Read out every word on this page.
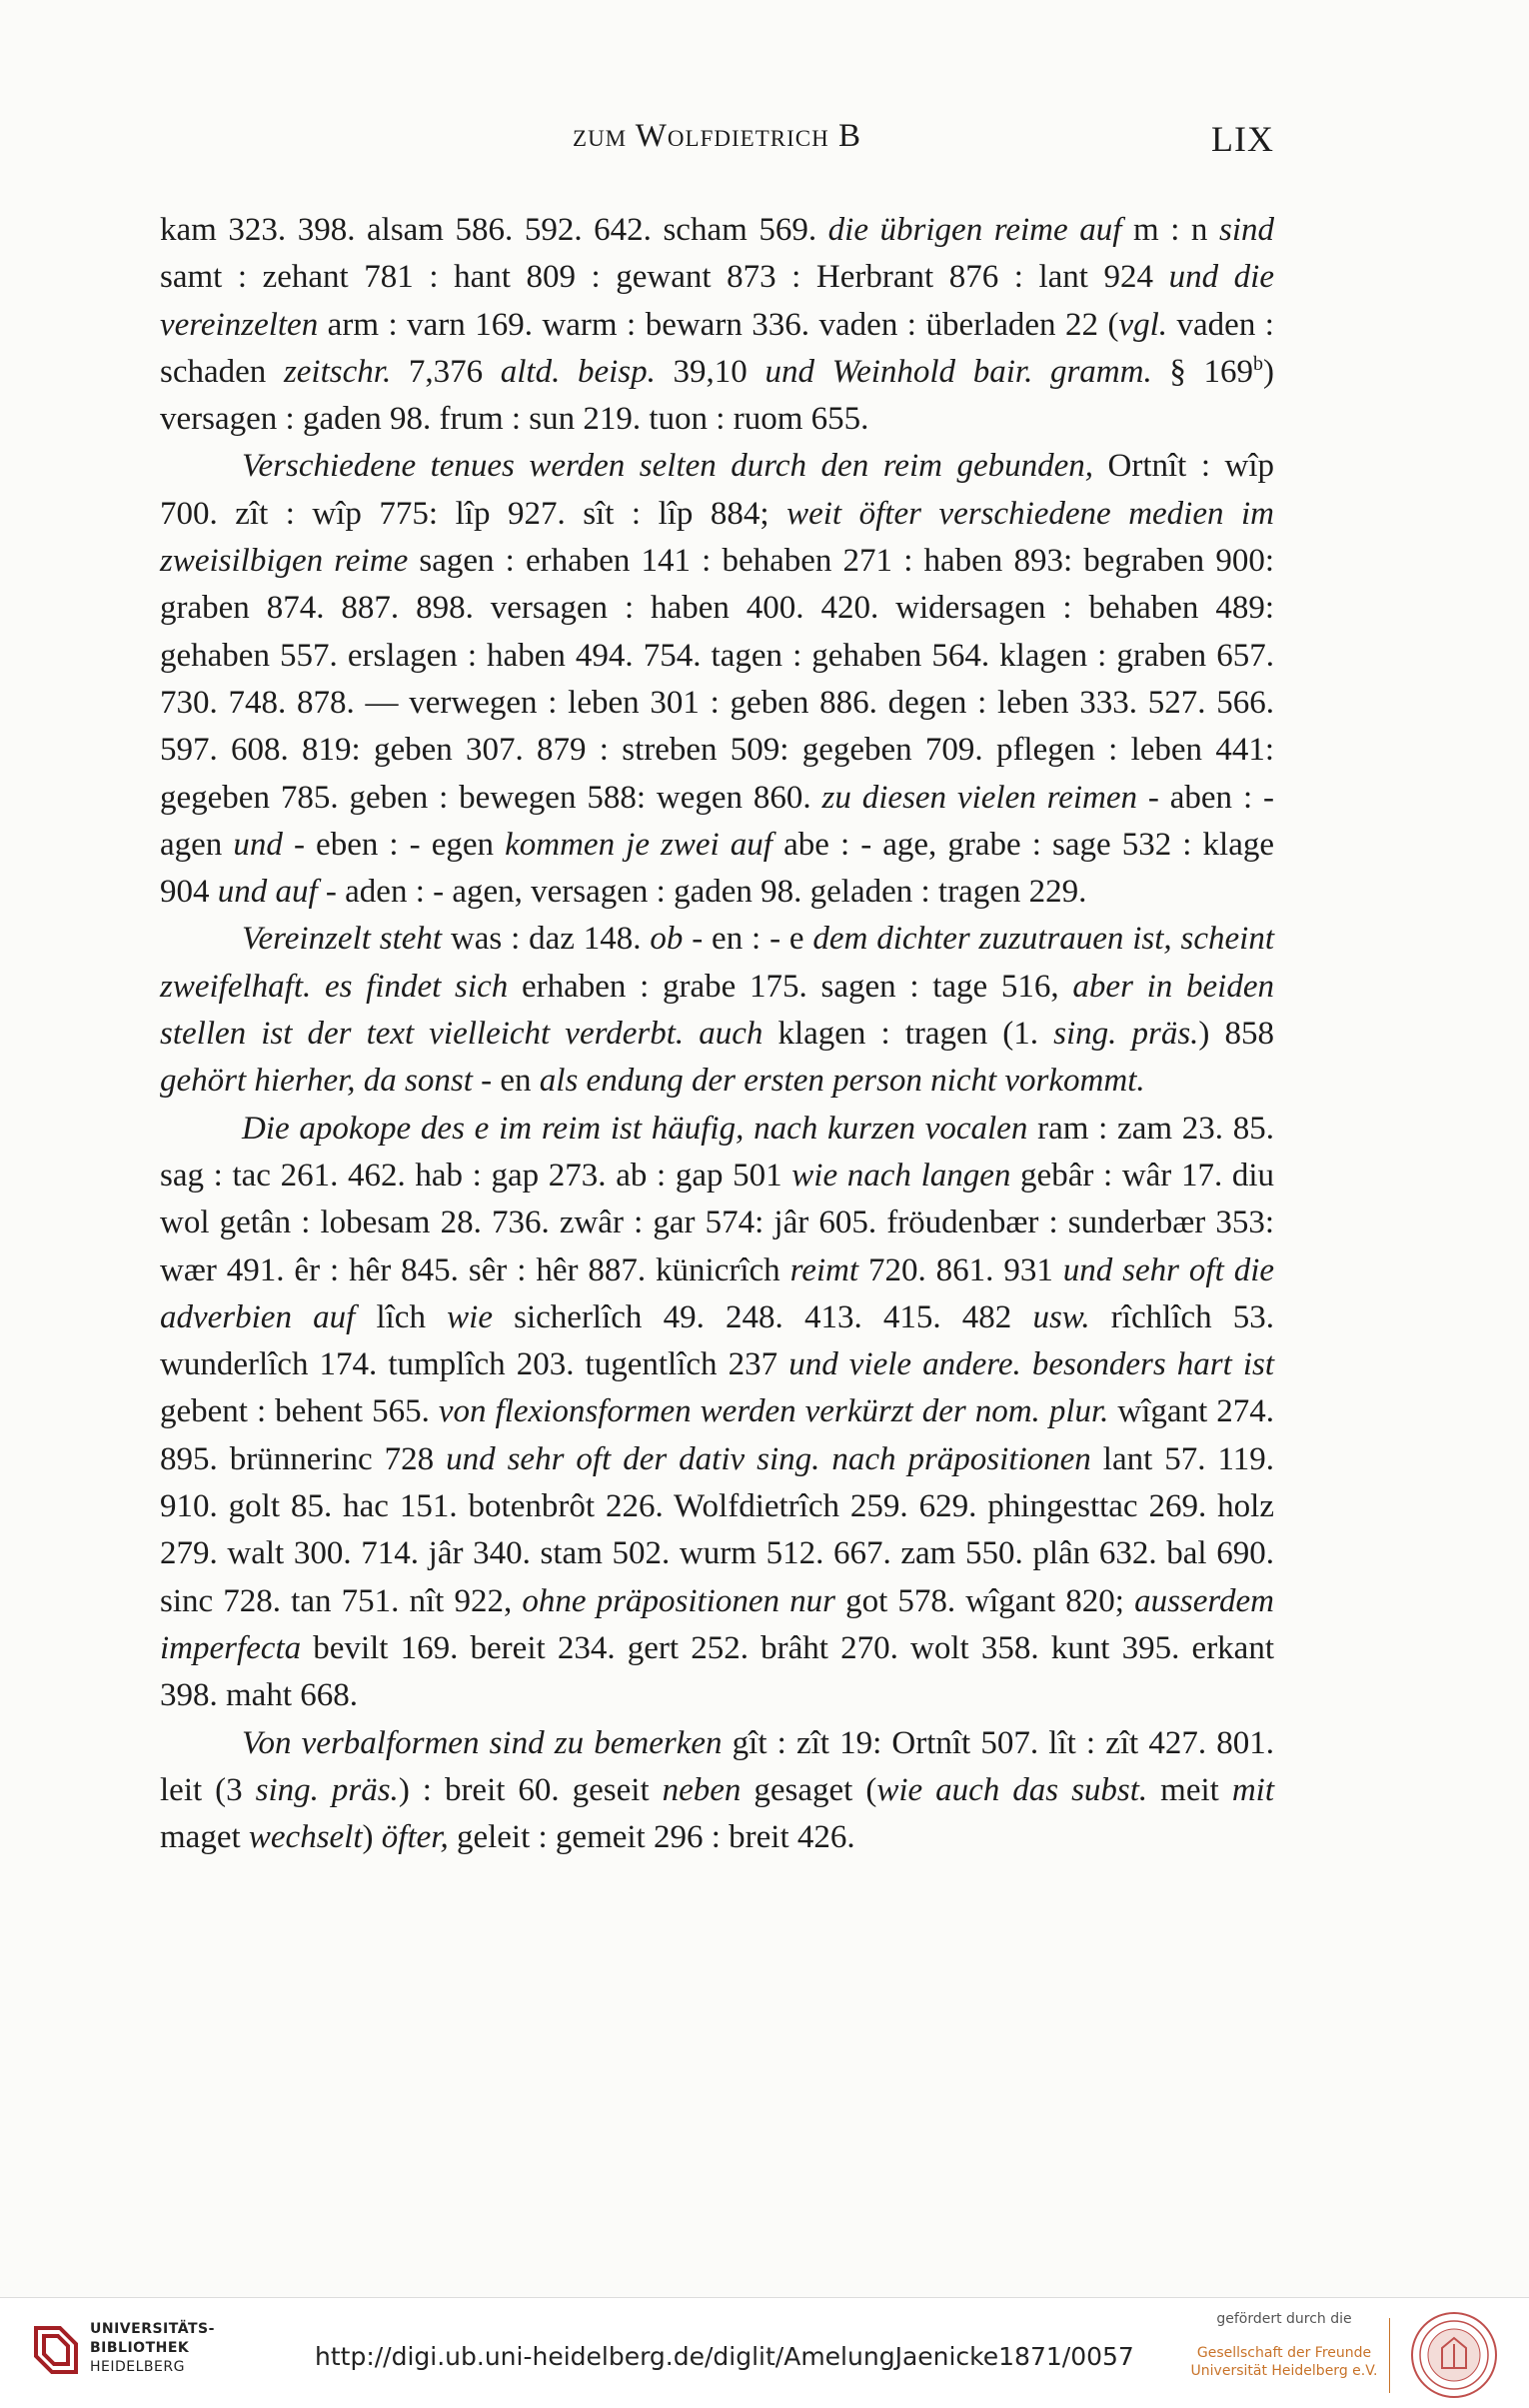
zum Wolfdietrich B	LIX

kam 323. 398. alsam 586. 592. 642. scham 569. die übrigen reime auf m : n sind samt : zehant 781 : hant 809 : gewant 873 : Herbrant 876 : lant 924 und die vereinzelten arm : varn 169. warm : bewarn 336. vaden : überladen 22 (vgl. vaden : schaden zeitschr. 7,376 altd. beisp. 39,10 und Weinhold bair. gramm. § 169$^b$) versagen : gaden 98. frum : sun 219. tuon : ruom 655.

Verschiedene tenues werden selten durch den reim gebunden, Ortnît : wîp 700. zît : wîp 775: lîp 927. sît : lîp 884; weit öfter verschiedene medien im zweisilbigen reime sagen : erhaben 141 : behaben 271 : haben 893: begraben 900: graben 874. 887. 898. versagen : haben 400. 420. widersagen : behaben 489: gehaben 557. erslagen : haben 494. 754. tagen : gehaben 564. klagen : graben 657. 730. 748. 878. — verwegen : leben 301 : geben 886. degen : leben 333. 527. 566. 597. 608. 819: geben 307. 879 : streben 509: gegeben 709. pflegen : leben 441: gegeben 785. geben : bewegen 588: wegen 860. zu diesen vielen reimen - aben : - agen und - eben : - egen kommen je zwei auf abe : - age, grabe : sage 532 : klage 904 und auf - aden : - agen, versagen : gaden 98. geladen : tragen 229.

Vereinzelt steht was : daz 148. ob - en : - e dem dichter zuzutrauen ist, scheint zweifelhaft. es findet sich erhaben : grabe 175. sagen : tage 516, aber in beiden stellen ist der text vielleicht verderbt. auch klagen : tragen (1. sing. präs.) 858 gehört hierher, da sonst - en als endung der ersten person nicht vorkommt.

Die apokope des e im reim ist häufig, nach kurzen vocalen ram : zam 23. 85. sag : tac 261. 462. hab : gap 273. ab : gap 501 wie nach langen gebâr : wâr 17. diu wol getân : lobesam 28. 736. zwâr : gar 574: jâr 605. fröudenbær : sunderbær 353: wær 491. êr : hêr 845. sêr : hêr 887. künicrîch reimt 720. 861. 931 und sehr oft die adverbien auf lîch wie sicherlîch 49. 248. 413. 415. 482 usw. rîchlîch 53. wunderlîch 174. tumplîch 203. tugentlîch 237 und viele andere. besonders hart ist gebent : behent 565. von flexionsformen werden verkürzt der nom. plur. wîgant 274. 895. brünnerinc 728 und sehr oft der dativ sing. nach präpositionen lant 57. 119. 910. golt 85. hac 151. botenbrôt 226. Wolfdietrîch 259. 629. phingesttac 269. holz 279. walt 300. 714. jâr 340. stam 502. wurm 512. 667. zam 550. plân 632. bal 690. sinc 728. tan 751. nît 922, ohne präpositionen nur got 578. wîgant 820; ausserdem imperfecta bevilt 169. bereit 234. gert 252. brâht 270. wolt 358. kunt 395. erkant 398. maht 668.

Von verbalformen sind zu bemerken gît : zît 19: Ortnît 507. lît : zît 427. 801. leit (3 sing. präs.) : breit 60. geseit neben gesaget (wie auch das subst. meit mit maget wechselt) öfter, geleit : gemeit 296 : breit 426.

UNIVERSITÄTS-
BIBLIOTHEK
HEIDELBERG	http://digi.ub.uni-heidelberg.de/diglit/AmelungJaenicke1871/0057
gefördert durch die
Gesellschaft der Freunde
Universität Heidelberg e.V.
